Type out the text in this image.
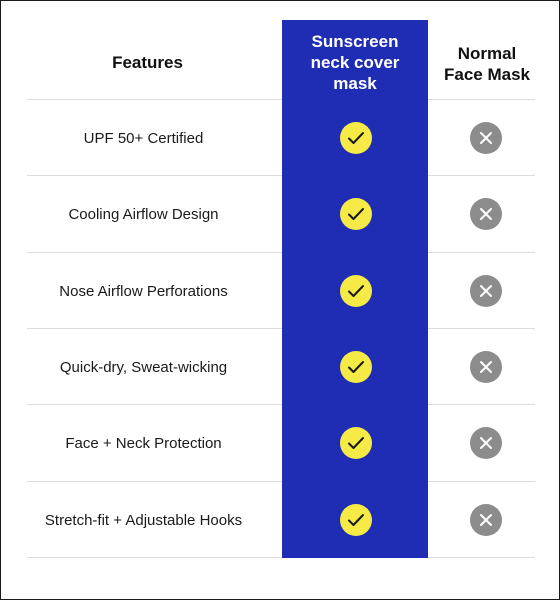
Features
Sunscreen
neck cover
mask
Normal
Face Mask
UPF 50+ Certified
Cooling Airflow Design
Nose Airflow Perforations
Quick-dry, Sweat-wicking
Face + Neck Protection
Stretch-fit + Adjustable Hooks
